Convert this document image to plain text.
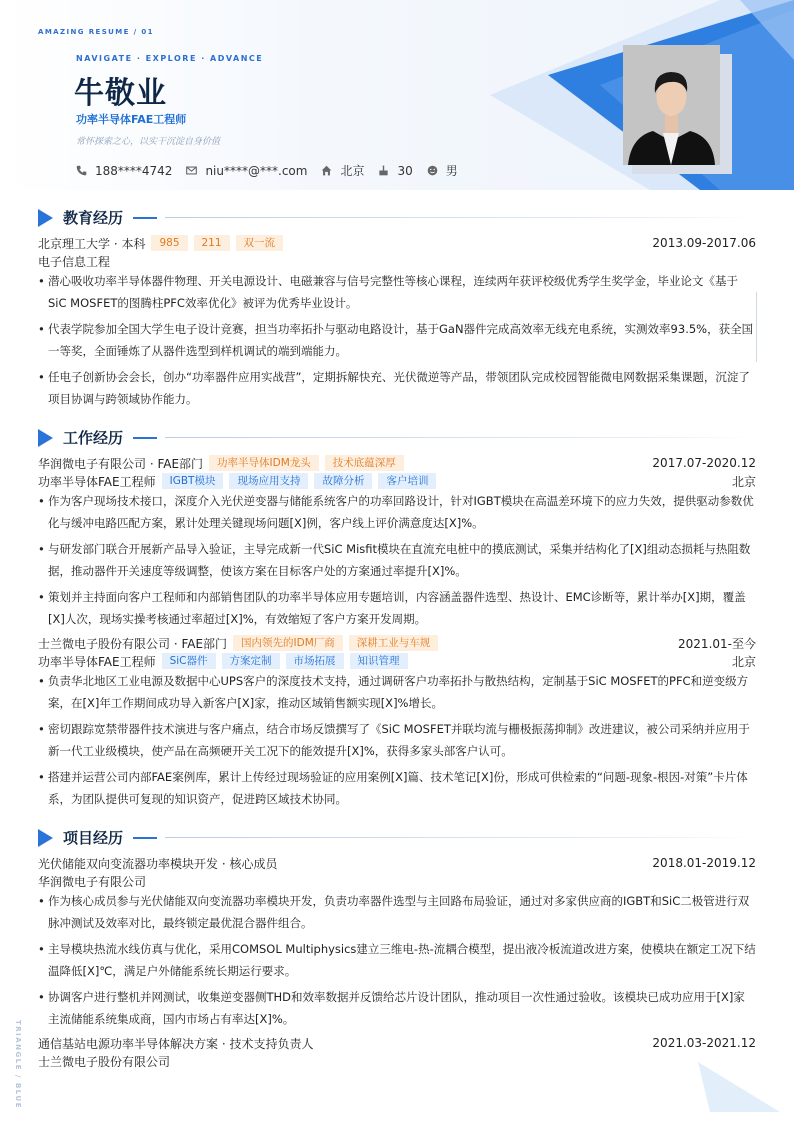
AMAZING RESUME / 01
NAVIGATE · EXPLORE · ADVANCE
牛敬业
功率半导体FAE工程师
常怀探索之心，以实干沉淀自身价值
188****4742	niu****@***.com	北京	30	男
教育经历
北京理工大学 · 本科	985	211	双一流	2013.09-2017.06
电子信息工程
• 潜心吸收功率半导体器件物理、开关电源设计、电磁兼容与信号完整性等核心课程，连续两年获评校级优秀学生奖学金，毕业论文《基于SiC MOSFET的图腾柱PFC效率优化》被评为优秀毕业设计。
• 代表学院参加全国大学生电子设计竞赛，担当功率拓扑与驱动电路设计，基于GaN器件完成高效率无线充电系统，实测效率93.5%，获全国一等奖，全面锤炼了从器件选型到样机调试的端到端能力。
• 任电子创新协会会长，创办“功率器件应用实战营”，定期拆解快充、光伏微逆等产品，带领团队完成校园智能微电网数据采集课题，沉淀了项目协调与跨领域协作能力。
工作经历
华润微电子有限公司 · FAE部门	功率半导体IDM龙头	技术底蕴深厚	2017.07-2020.12
功率半导体FAE工程师	IGBT模块	现场应用支持	故障分析	客户培训	北京
• 作为客户现场技术接口，深度介入光伏逆变器与储能系统客户的功率回路设计，针对IGBT模块在高温差环境下的应力失效，提供驱动参数优化与缓冲电路匹配方案，累计处理关键现场问题[X]例，客户线上评价满意度达[X]%。
• 与研发部门联合开展新产品导入验证，主导完成新一代SiC Misfit模块在直流充电桩中的摸底测试，采集并结构化了[X]组动态损耗与热阻数据，推动器件开关速度等级调整，使该方案在目标客户处的方案通过率提升[X]%。
• 策划并主持面向客户工程师和内部销售团队的功率半导体应用专题培训，内容涵盖器件选型、热设计、EMC诊断等，累计举办[X]期，覆盖[X]人次，现场实操考核通过率超过[X]%，有效缩短了客户方案开发周期。
士兰微电子股份有限公司 · FAE部门	国内领先的IDM厂商	深耕工业与车规	2021.01-至今
功率半导体FAE工程师	SiC器件	方案定制	市场拓展	知识管理	北京
• 负责华北地区工业电源及数据中心UPS客户的深度技术支持，通过调研客户功率拓扑与散热结构，定制基于SiC MOSFET的PFC和逆变级方案，在[X]年工作期间成功导入新客户[X]家，推动区域销售额实现[X]%增长。
• 密切跟踪宽禁带器件技术演进与客户痛点，结合市场反馈撰写了《SiC MOSFET并联均流与栅极振荡抑制》改进建议，被公司采纳并应用于新一代工业级模块，使产品在高频硬开关工况下的能效提升[X]%，获得多家头部客户认可。
• 搭建并运营公司内部FAE案例库，累计上传经过现场验证的应用案例[X]篇、技术笔记[X]份，形成可供检索的“问题-现象-根因-对策”卡片体系，为团队提供可复现的知识资产，促进跨区域技术协同。
项目经历
光伏储能双向变流器功率模块开发 · 核心成员	2018.01-2019.12
华润微电子有限公司
• 作为核心成员参与光伏储能双向变流器功率模块开发，负责功率器件选型与主回路布局验证，通过对多家供应商的IGBT和SiC二极管进行双脉冲测试及效率对比，最终锁定最优混合器件组合。
• 主导模块热流水线仿真与优化，采用COMSOL Multiphysics建立三维电-热-流耦合模型，提出液冷板流道改进方案，使模块在额定工况下结温降低[X]℃，满足户外储能系统长期运行要求。
• 协调客户进行整机并网测试，收集逆变器侧THD和效率数据并反馈给芯片设计团队，推动项目一次性通过验收。该模块已成功应用于[X]家主流储能系统集成商，国内市场占有率达[X]%。
通信基站电源功率半导体解决方案 · 技术支持负责人	2021.03-2021.12
士兰微电子股份有限公司
TRIANGLE / BLUE
